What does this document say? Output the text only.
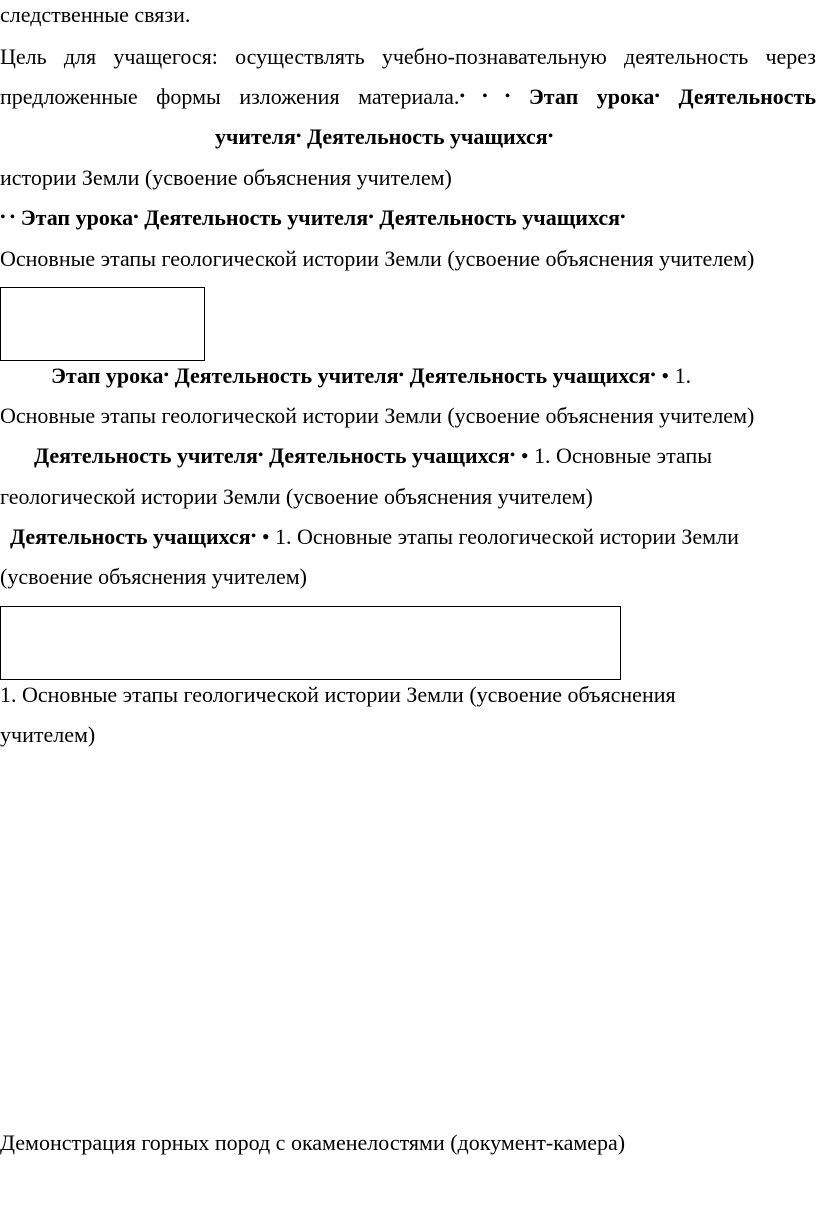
следственные связи.
Цель для учащегося: осуществлять учебно-познавательную деятельность через
предложенные формы изложения материала.• • • Этап урока• Деятельность
учителя• Деятельность учащихся•
истории Земли (усвоение объяснения учителем)
• • Этап урока• Деятельность учителя• Деятельность учащихся•
Основные этапы геологической истории Земли (усвоение объяснения учителем)
Этап урока• Деятельность учителя• Деятельность учащихся• • 1.
Основные этапы геологической истории Земли (усвоение объяснения учителем)
Деятельность учителя• Деятельность учащихся• • 1. Основные этапы
геологической истории Земли (усвоение объяснения учителем)
Деятельность учащихся• • 1. Основные этапы геологической истории Земли
(усвоение объяснения учителем)
1. Основные этапы геологической истории Земли (усвоение объяснения
учителем)
Демонстрация горных пород с окаменелостями (документ-камера)
